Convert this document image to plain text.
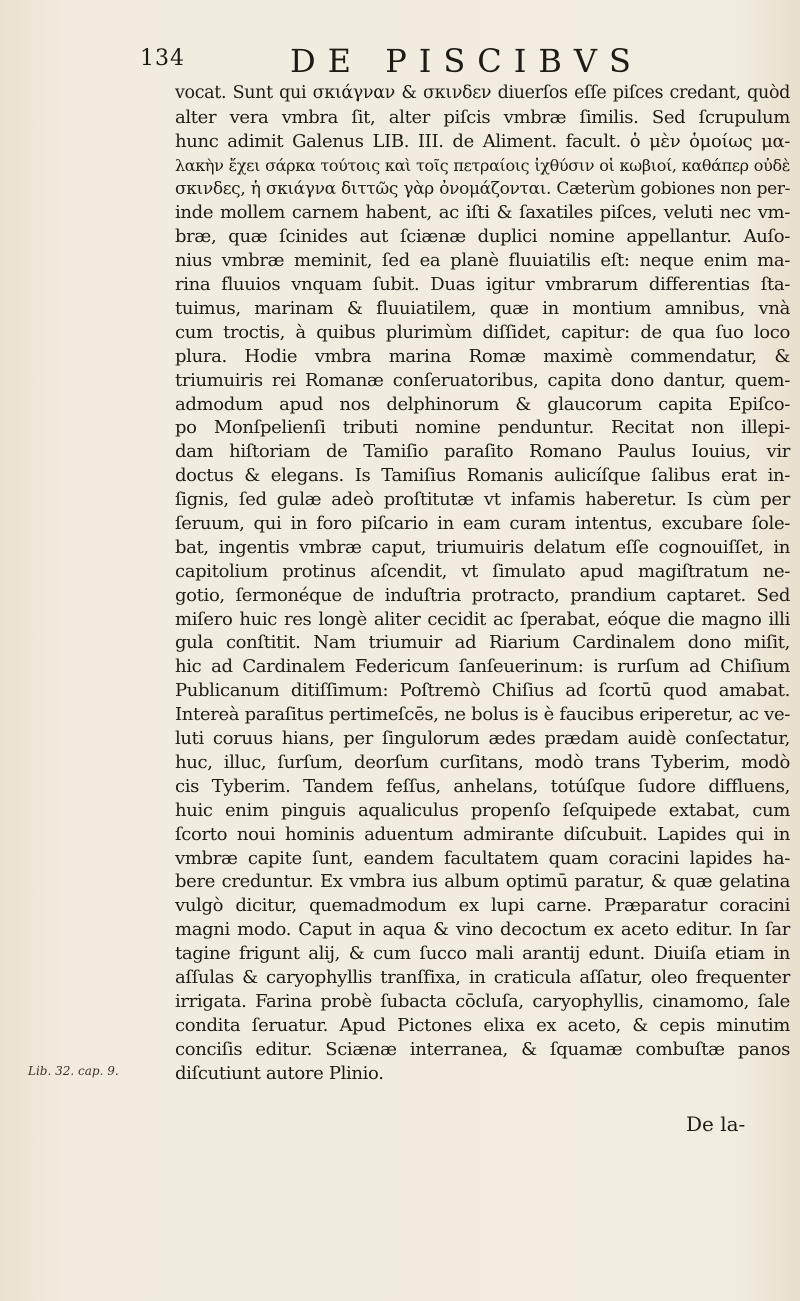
134	DE PISCIBVS
vocat. Sunt qui σκιάγναν & σκινδεν diuerſos eſſe piſces credant, quòd
alter vera vmbra ſit, alter piſcis vmbræ ſimilis. Sed ſcrupulum
hunc adimit Galenus LIB. III. de Aliment. facult. ὁ μὲν ὁμοίως μα-
λακὴν ἔχει σάρκα τούτοις καὶ τοῖς πετραίοις ἰχθύσιν οἱ κωβιοί, καθάπερ οὐδὲ
σκινδες, ἡ σκιάγνα διττῶς γὰρ ὀνομάζονται. Cæterùm gobiones non per-
inde mollem carnem habent, ac iſti & ſaxatiles piſces, veluti nec vm-
bræ, quæ ſcinides aut ſciænæ duplici nomine appellantur. Auſo-
nius vmbræ meminit, ſed ea planè fluuiatilis eſt: neque enim ma-
rina fluuios vnquam ſubit. Duas igitur vmbrarum differentias ſta-
tuimus, marinam & fluuiatilem, quæ in montium amnibus, vnà
cum troctis, à quibus plurimùm diſſidet, capitur: de qua ſuo loco
plura. Hodie vmbra marina Romæ maximè commendatur, &
triumuiris rei Romanæ conſeruatoribus, capita dono dantur, quem-
admodum apud nos delphinorum & glaucorum capita Epiſco-
po Monſpelienſi tributi nomine penduntur. Recitat non illepi-
dam hiſtoriam de Tamiſio paraſito Romano Paulus Iouius, vir
doctus & elegans. Is Tamiſius Romanis aulicíſque ſalibus erat in-
ſignis, ſed gulæ adeò proſtitutæ vt infamis haberetur. Is cùm per
ſeruum, qui in foro piſcario in eam curam intentus, excubare ſole-
bat, ingentis vmbræ caput, triumuiris delatum eſſe cognouiſſet, in
capitolium protinus aſcendit, vt ſimulato apud magiſtratum ne-
gotio, ſermonéque de induſtria protracto, prandium captaret. Sed
miſero huic res longè aliter cecidit ac ſperabat, eóque die magno illi
gula conſtitit. Nam triumuir ad Riarium Cardinalem dono miſit,
hic ad Cardinalem Federicum ſanſeuerinum: is rurſum ad Chiſium
Publicanum ditiſſimum: Poſtremò Chiſius ad ſcortū quod amabat.
Intereà paraſitus pertimeſcēs, ne bolus is è faucibus eriperetur, ac ve-
luti coruus hians, per ſingulorum ædes prædam auidè conſectatur,
huc, illuc, ſurſum, deorſum curſitans, modò trans Tyberim, modò
cis Tyberim. Tandem feſſus, anhelans, totúſque ſudore diffluens,
huic enim pinguis aqualiculus propenſo ſeſquipede extabat, cum
ſcorto noui hominis aduentum admirante diſcubuit. Lapides qui in
vmbræ capite ſunt, eandem facultatem quam coracini lapides ha-
bere creduntur. Ex vmbra ius album optimū paratur, & quæ gelatina
vulgò dicitur, quemadmodum ex lupi carne. Præparatur coracini
magni modo. Caput in aqua & vino decoctum ex aceto editur. In ſar
tagine frigunt alij, & cum ſucco mali arantij edunt. Diuiſa etiam in
aſſulas & caryophyllis tranſfixa, in craticula aſſatur, oleo frequenter
irrigata. Farina probè ſubacta cōcluſa, caryophyllis, cinamomo, ſale
condita ſeruatur. Apud Pictones elixa ex aceto, & cepis minutim
conciſis editur. Sciænæ interranea, & ſquamæ combuſtæ panos
diſcutiunt autore Plinio.
Lib. 32. cap. 9.
De la-
